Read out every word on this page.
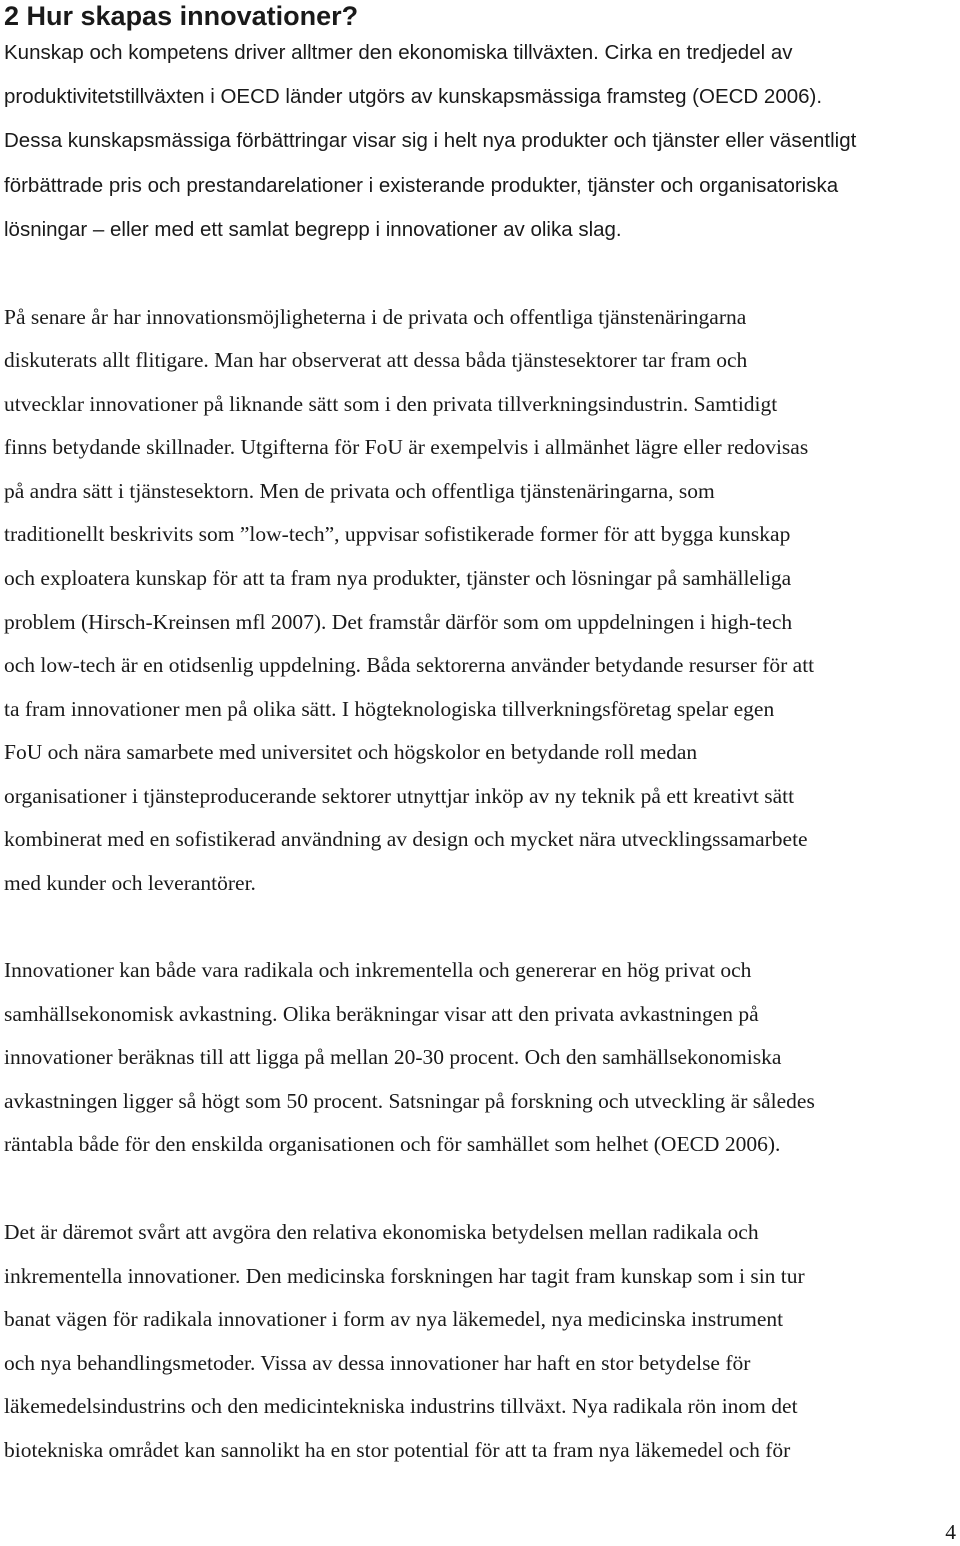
2 Hur skapas innovationer?

Kunskap och kompetens driver alltmer den ekonomiska tillväxten. Cirka en tredjedel av

produktivitetstillväxten i OECD länder utgörs av kunskapsmässiga framsteg (OECD 2006).

Dessa kunskapsmässiga förbättringar visar sig i helt nya produkter och tjänster eller väsentligt

förbättrade pris och prestandarelationer i existerande produkter, tjänster och organisatoriska

lösningar – eller med ett samlat begrepp i innovationer av olika slag.

På senare år har innovationsmöjligheterna i de privata och offentliga tjänstenäringarna

diskuterats allt flitigare. Man har observerat att dessa båda tjänstesektorer tar fram och

utvecklar innovationer på liknande sätt som i den privata tillverkningsindustrin. Samtidigt

finns betydande skillnader. Utgifterna för FoU är exempelvis i allmänhet lägre eller redovisas

på andra sätt i tjänstesektorn. Men de privata och offentliga tjänstenäringarna, som

traditionellt beskrivits som ”low-tech”, uppvisar sofistikerade former för att bygga kunskap

och exploatera kunskap för att ta fram nya produkter, tjänster och lösningar på samhälleliga

problem (Hirsch-Kreinsen mfl 2007). Det framstår därför som om uppdelningen i high-tech

och low-tech är en otidsenlig uppdelning. Båda sektorerna använder betydande resurser för att

ta fram innovationer men på olika sätt. I högteknologiska tillverkningsföretag spelar egen

FoU och nära samarbete med universitet och högskolor en betydande roll medan

organisationer i tjänsteproducerande sektorer utnyttjar inköp av ny teknik på ett kreativt sätt

kombinerat med en sofistikerad användning av design och mycket nära utvecklingssamarbete

med kunder och leverantörer.

Innovationer kan både vara radikala och inkrementella och genererar en hög privat och

samhällsekonomisk avkastning. Olika beräkningar visar att den privata avkastningen på

innovationer beräknas till att ligga på mellan 20-30 procent. Och den samhällsekonomiska

avkastningen ligger så högt som 50 procent. Satsningar på forskning och utveckling är således

räntabla både för den enskilda organisationen och för samhället som helhet (OECD 2006).

Det är däremot svårt att avgöra den relativa ekonomiska betydelsen mellan radikala och

inkrementella innovationer. Den medicinska forskningen har tagit fram kunskap som i sin tur

banat vägen för radikala innovationer i form av nya läkemedel, nya medicinska instrument

och nya behandlingsmetoder. Vissa av dessa innovationer har haft en stor betydelse för

läkemedelsindustrins och den medicintekniska industrins tillväxt. Nya radikala rön inom det

biotekniska området kan sannolikt ha en stor potential för att ta fram nya läkemedel och för

4
